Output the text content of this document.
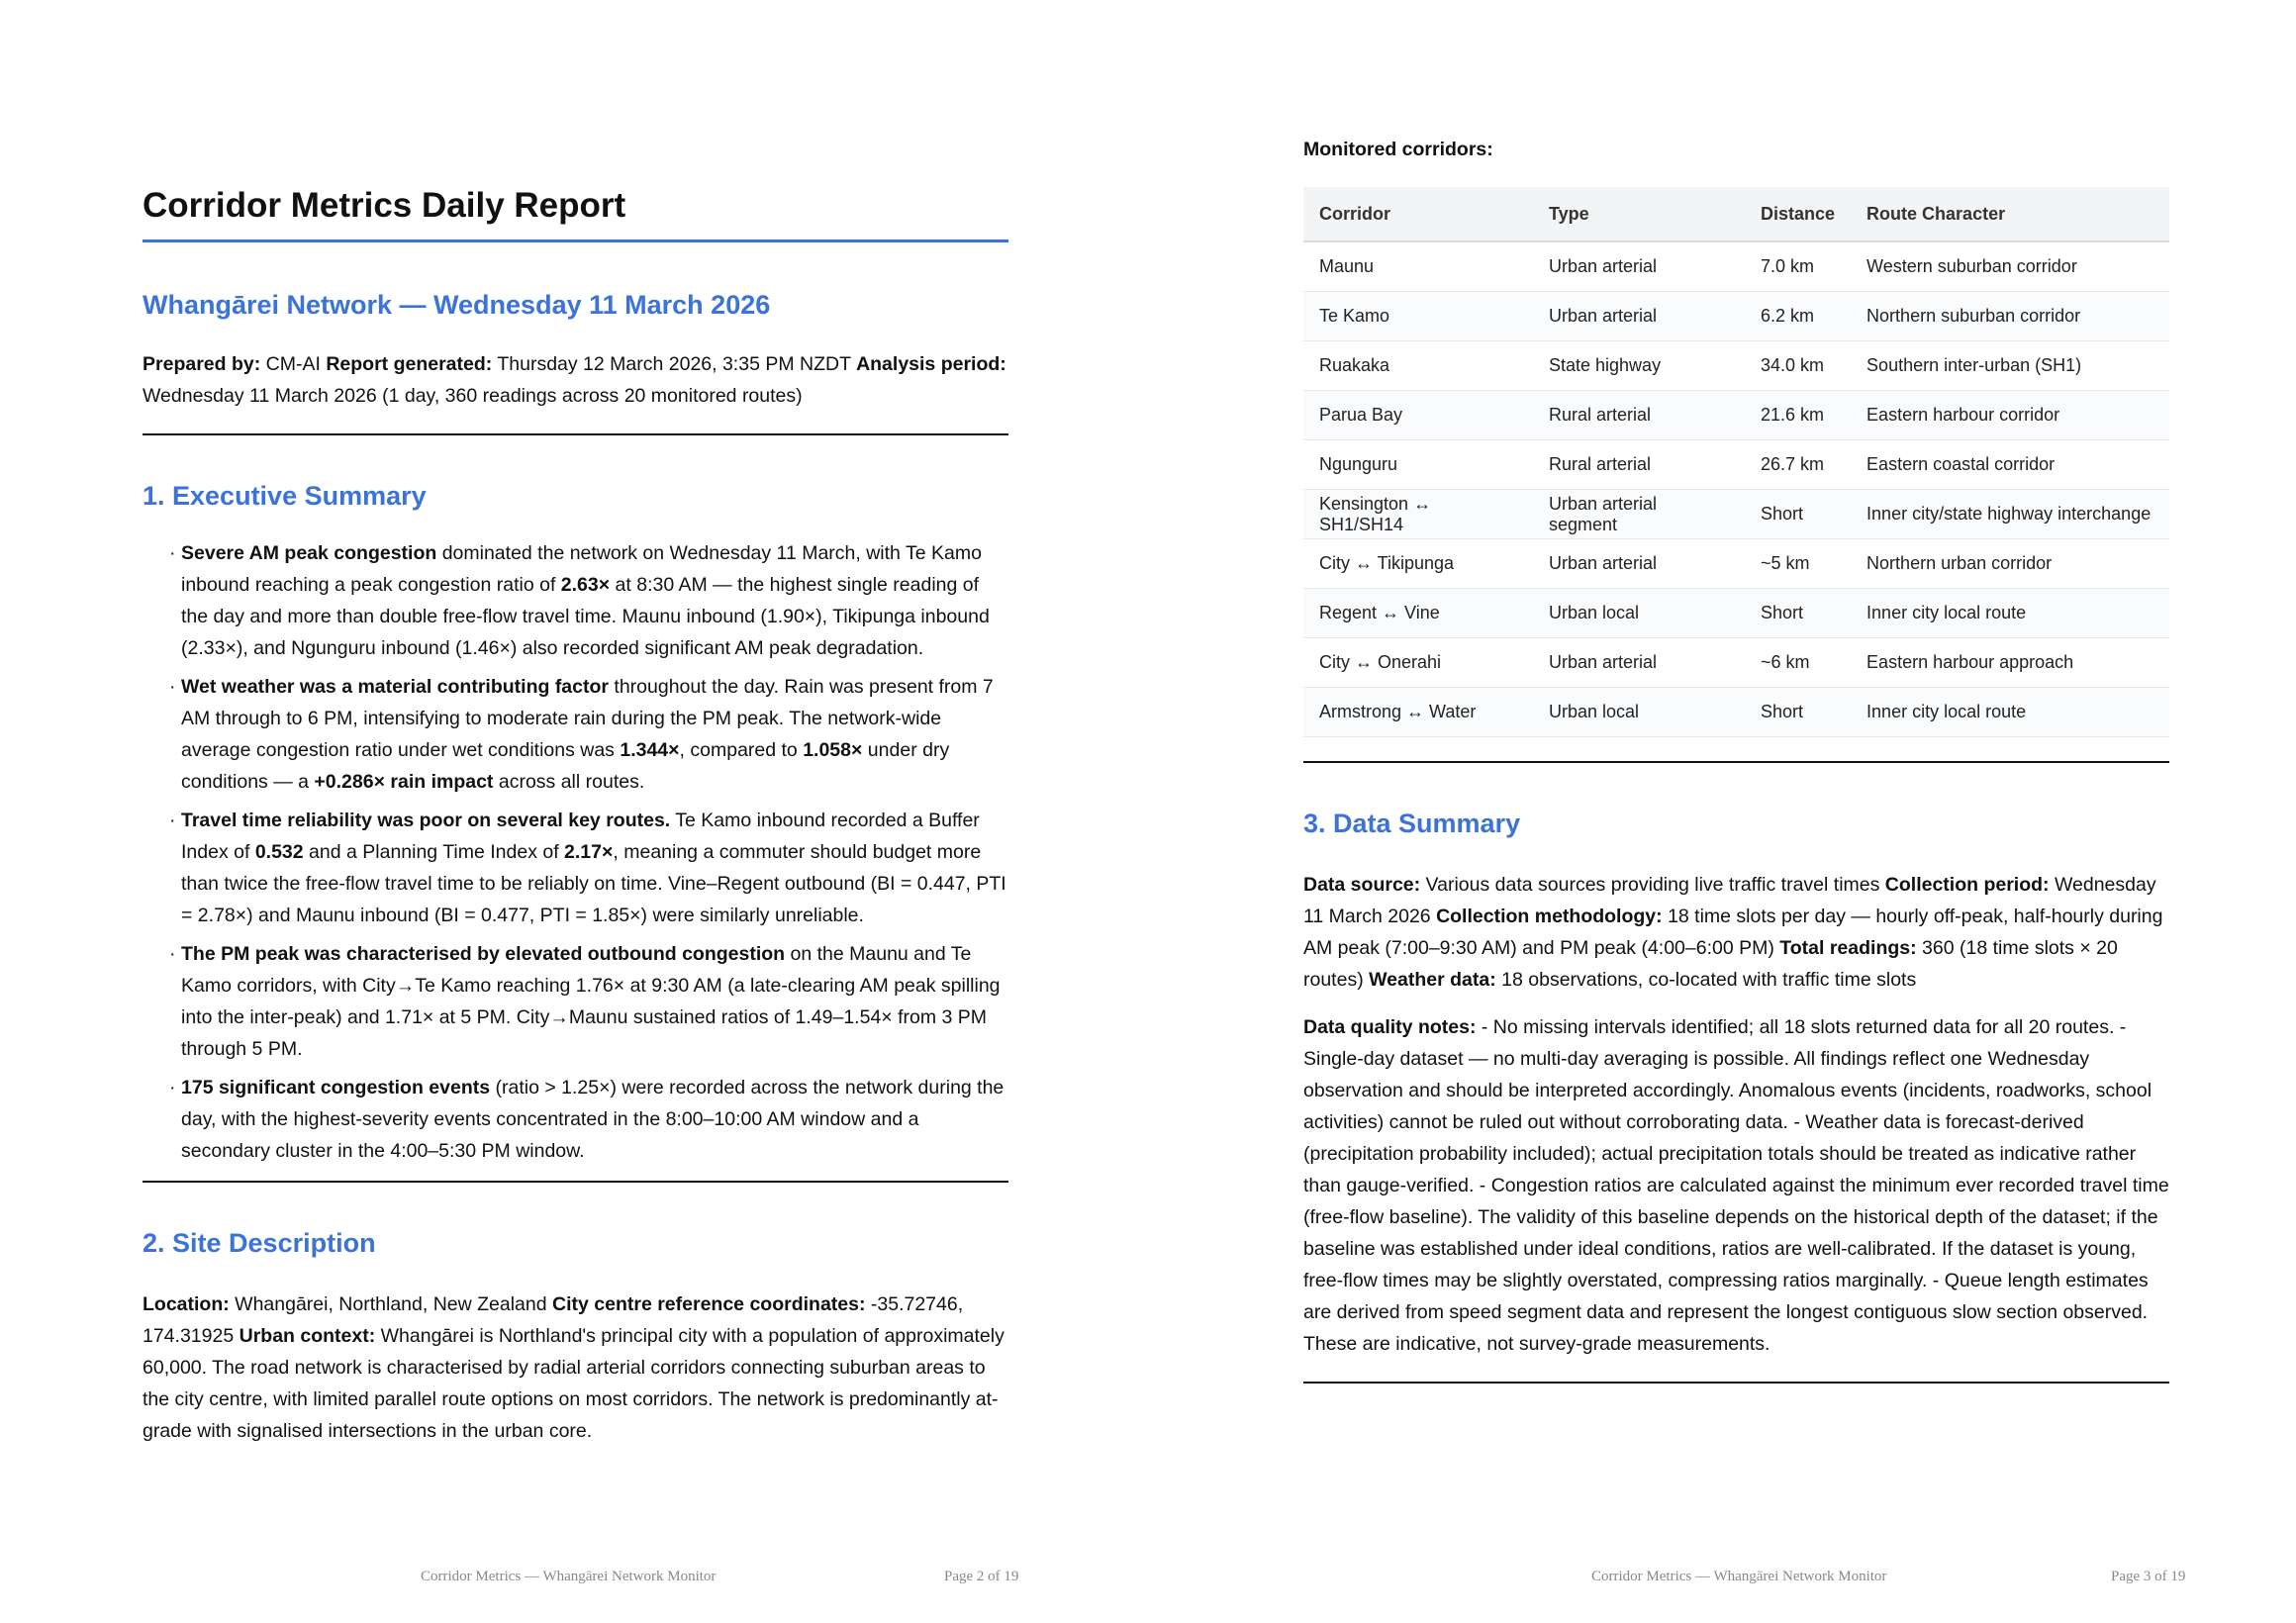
Corridor Metrics Daily Report
Whangārei Network — Wednesday 11 March 2026

Prepared by: CM-AI Report generated: Thursday 12 March 2026, 3:35 PM NZDT Analysis period: Wednesday 11 March 2026 (1 day, 360 readings across 20 monitored routes)

1. Executive Summary
· Severe AM peak congestion dominated the network on Wednesday 11 March, with Te Kamo inbound reaching a peak congestion ratio of 2.63× at 8:30 AM — the highest single reading of the day and more than double free-flow travel time. Maunu inbound (1.90×), Tikipunga inbound (2.33×), and Ngunguru inbound (1.46×) also recorded significant AM peak degradation.
· Wet weather was a material contributing factor throughout the day. Rain was present from 7 AM through to 6 PM, intensifying to moderate rain during the PM peak. The network-wide average congestion ratio under wet conditions was 1.344×, compared to 1.058× under dry conditions — a +0.286× rain impact across all routes.
· Travel time reliability was poor on several key routes. Te Kamo inbound recorded a Buffer Index of 0.532 and a Planning Time Index of 2.17×, meaning a commuter should budget more than twice the free-flow travel time to be reliably on time. Vine–Regent outbound (BI = 0.447, PTI = 2.78×) and Maunu inbound (BI = 0.477, PTI = 1.85×) were similarly unreliable.
· The PM peak was characterised by elevated outbound congestion on the Maunu and Te Kamo corridors, with City→Te Kamo reaching 1.76× at 9:30 AM (a late-clearing AM peak spilling into the inter-peak) and 1.71× at 5 PM. City→Maunu sustained ratios of 1.49–1.54× from 3 PM through 5 PM.
· 175 significant congestion events (ratio > 1.25×) were recorded across the network during the day, with the highest-severity events concentrated in the 8:00–10:00 AM window and a secondary cluster in the 4:00–5:30 PM window.
2. Site Description

Location: Whangārei, Northland, New Zealand City centre reference coordinates: -35.72746, 174.31925 Urban context: Whangārei is Northland's principal city with a population of approximately 60,000. The road network is characterised by radial arterial corridors connecting suburban areas to the city centre, with limited parallel route options on most corridors. The network is predominantly at-grade with signalised intersections in the urban core.

Corridor Metrics — Whangārei Network Monitor	Page 2 of 19
Monitored corridors:
Corridor	Type	Distance	Route Character
Maunu	Urban arterial	7.0 km	Western suburban corridor
Te Kamo	Urban arterial	6.2 km	Northern suburban corridor
Ruakaka	State highway	34.0 km	Southern inter-urban (SH1)
Parua Bay	Rural arterial	21.6 km	Eastern harbour corridor
Ngunguru	Rural arterial	26.7 km	Eastern coastal corridor
Kensington ↔ SH1/SH14	Urban arterial segment	Short	Inner city/state highway interchange
City ↔ Tikipunga	Urban arterial	~5 km	Northern urban corridor
Regent ↔ Vine	Urban local	Short	Inner city local route
City ↔ Onerahi	Urban arterial	~6 km	Eastern harbour approach
Armstrong ↔ Water	Urban local	Short	Inner city local route
3. Data Summary

Data source: Various data sources providing live traffic travel times Collection period: Wednesday 11 March 2026 Collection methodology: 18 time slots per day — hourly off-peak, half-hourly during AM peak (7:00–9:30 AM) and PM peak (4:00–6:00 PM) Total readings: 360 (18 time slots × 20 routes) Weather data: 18 observations, co-located with traffic time slots

Data quality notes: - No missing intervals identified; all 18 slots returned data for all 20 routes. - Single-day dataset — no multi-day averaging is possible. All findings reflect one Wednesday observation and should be interpreted accordingly. Anomalous events (incidents, roadworks, school activities) cannot be ruled out without corroborating data. - Weather data is forecast-derived (precipitation probability included); actual precipitation totals should be treated as indicative rather than gauge-verified. - Congestion ratios are calculated against the minimum ever recorded travel time (free-flow baseline). The validity of this baseline depends on the historical depth of the dataset; if the baseline was established under ideal conditions, ratios are well-calibrated. If the dataset is young, free-flow times may be slightly overstated, compressing ratios marginally. - Queue length estimates are derived from speed segment data and represent the longest contiguous slow section observed. These are indicative, not survey-grade measurements.

Corridor Metrics — Whangārei Network Monitor	Page 3 of 19
